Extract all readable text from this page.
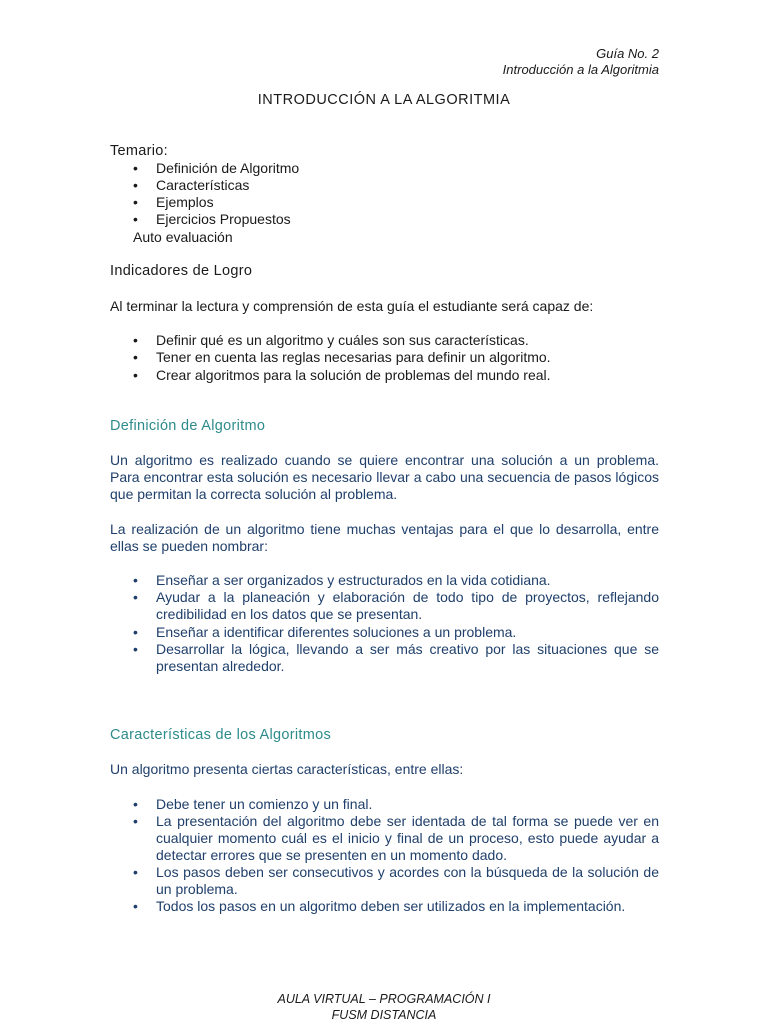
Guía No. 2
Introducción a la Algoritmia
INTRODUCCIÓN A LA ALGORITMIA
Temario:
• Definición de Algoritmo
• Características
• Ejemplos
• Ejercicios Propuestos
Auto evaluación
Indicadores de Logro
Al terminar la lectura y comprensión de esta guía el estudiante será capaz de:
• Definir qué es un algoritmo y cuáles son sus características.
• Tener en cuenta las reglas necesarias para definir un algoritmo.
• Crear algoritmos para la solución de problemas del mundo real.
Definición de Algoritmo
Un algoritmo es realizado cuando se quiere encontrar una solución a un problema.
Para encontrar esta solución es necesario llevar a cabo una secuencia de pasos lógicos
que permitan la correcta solución al problema.
La realización de un algoritmo tiene muchas ventajas para el que lo desarrolla, entre
ellas se pueden nombrar:
• Enseñar a ser organizados y estructurados en la vida cotidiana.
• Ayudar a la planeación y elaboración de todo tipo de proyectos, reflejando
credibilidad en los datos que se presentan.
• Enseñar a identificar diferentes soluciones a un problema.
• Desarrollar la lógica, llevando a ser más creativo por las situaciones que se
presentan alrededor.
Características de los Algoritmos
Un algoritmo presenta ciertas características, entre ellas:
• Debe tener un comienzo y un final.
• La presentación del algoritmo debe ser identada de tal forma se puede ver en
cualquier momento cuál es el inicio y final de un proceso, esto puede ayudar a
detectar errores que se presenten en un momento dado.
• Los pasos deben ser consecutivos y acordes con la búsqueda de la solución de
un problema.
• Todos los pasos en un algoritmo deben ser utilizados en la implementación.
AULA VIRTUAL – PROGRAMACIÓN I
FUSM DISTANCIA
